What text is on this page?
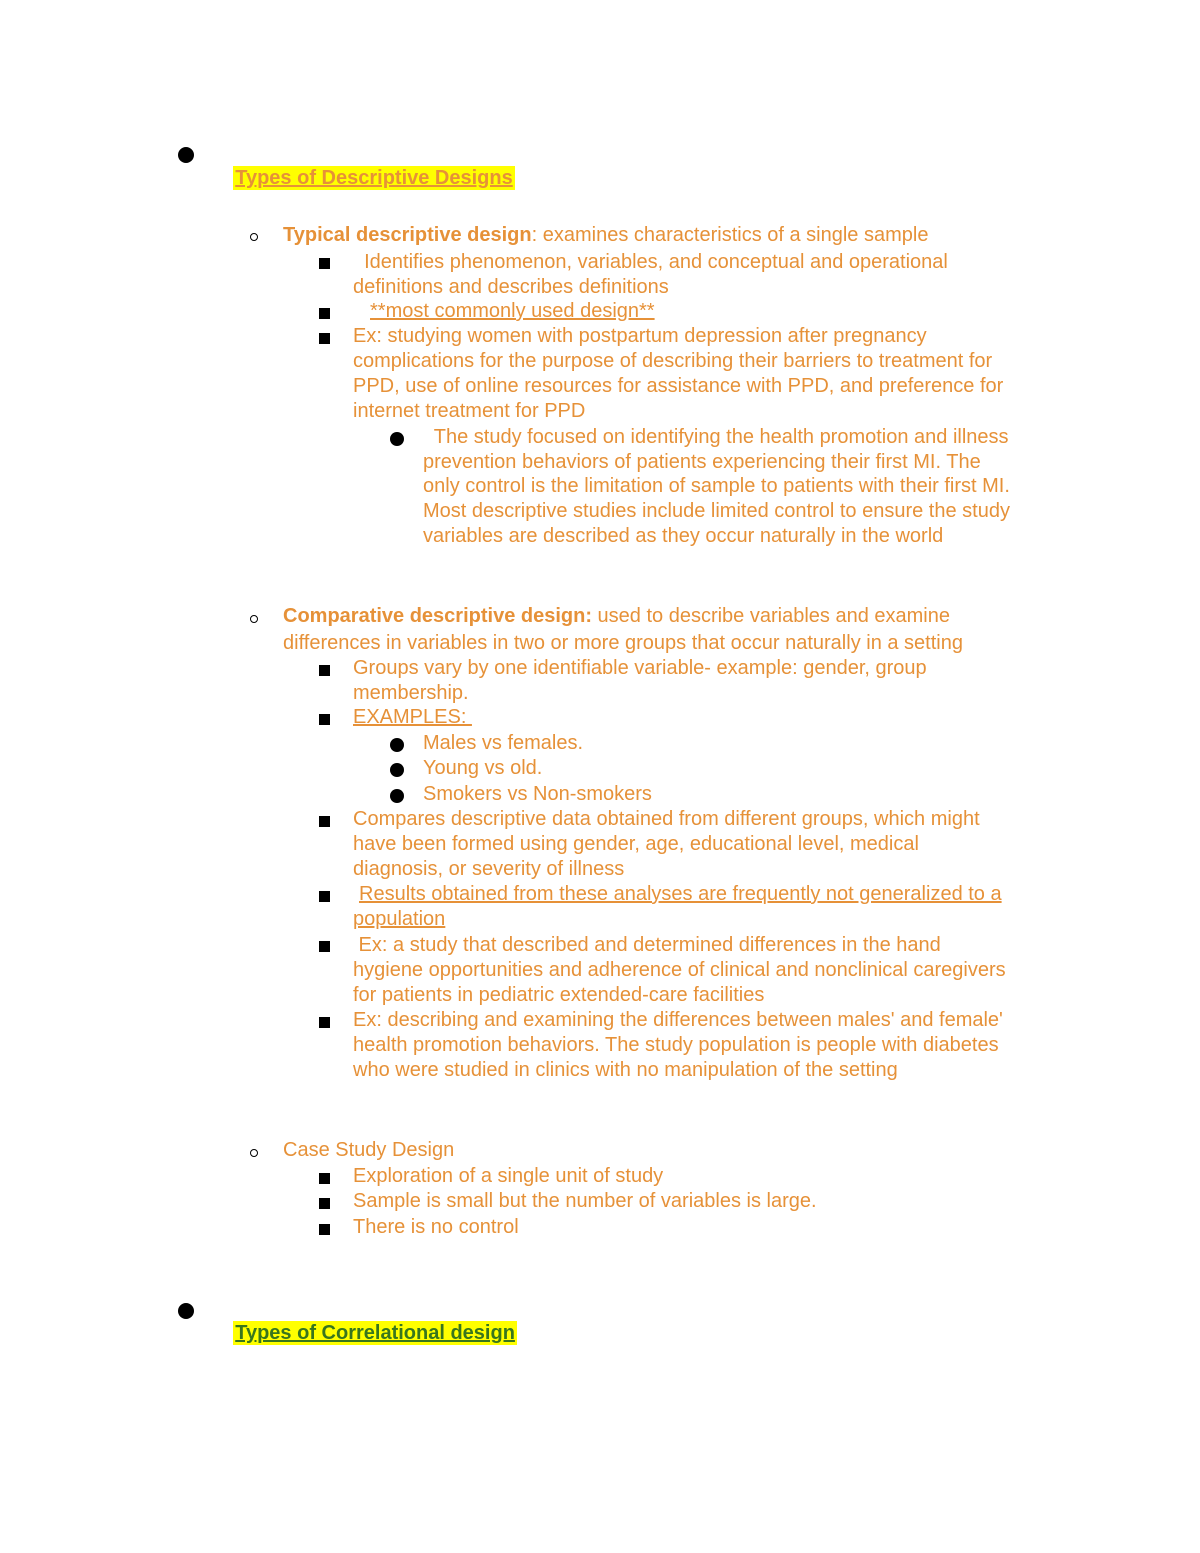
Types of Descriptive Designs

Typical descriptive design: examines characteristics of a single sample
Identifies phenomenon, variables, and conceptual and operational
definitions and describes definitions
**most commonly used design**
Ex: studying women with postpartum depression after pregnancy
complications for the purpose of describing their barriers to treatment for
PPD, use of online resources for assistance with PPD, and preference for
internet treatment for PPD
The study focused on identifying the health promotion and illness
prevention behaviors of patients experiencing their first MI. The
only control is the limitation of sample to patients with their first MI.
Most descriptive studies include limited control to ensure the study
variables are described as they occur naturally in the world
Comparative descriptive design: used to describe variables and examine
differences in variables in two or more groups that occur naturally in a setting
Groups vary by one identifiable variable- example: gender, group
membership.
EXAMPLES:
Males vs females.
Young vs old.
Smokers vs Non-smokers
Compares descriptive data obtained from different groups, which might
have been formed using gender, age, educational level, medical
diagnosis, or severity of illness
Results obtained from these analyses are frequently not generalized to a
population
Ex: a study that described and determined differences in the hand
hygiene opportunities and adherence of clinical and nonclinical caregivers
for patients in pediatric extended-care facilities
Ex: describing and examining the differences between males' and female'
health promotion behaviors. The study population is people with diabetes
who were studied in clinics with no manipulation of the setting
Case Study Design
Exploration of a single unit of study
Sample is small but the number of variables is large.
There is no control

Types of Correlational design
